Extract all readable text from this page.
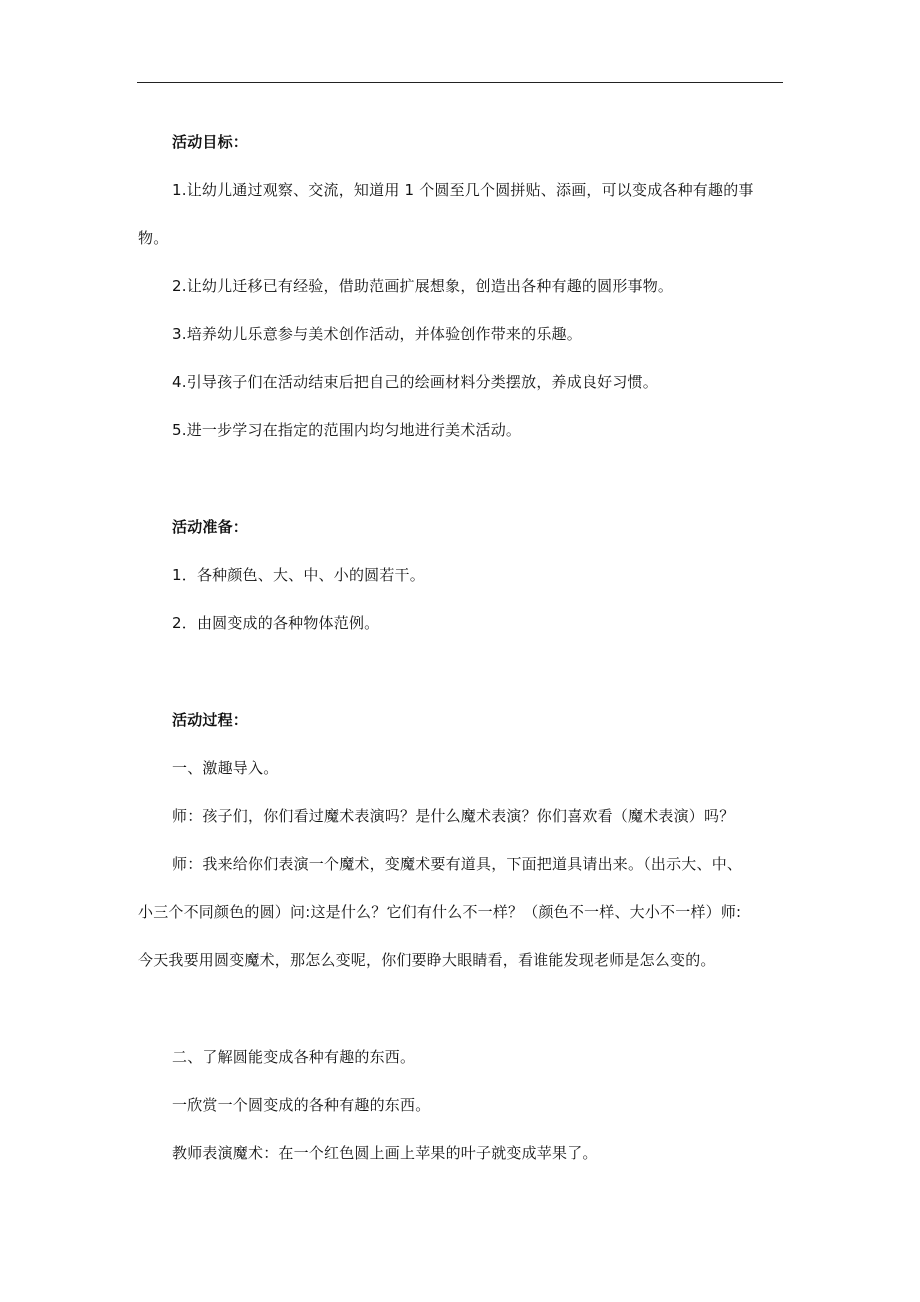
活动目标：
1.让幼儿通过观察、交流，知道用 1 个圆至几个圆拼贴、添画，可以变成各种有趣的事
物。
2.让幼儿迁移已有经验，借助范画扩展想象，创造出各种有趣的圆形事物。
3.培养幼儿乐意参与美术创作活动，并体验创作带来的乐趣。
4.引导孩子们在活动结束后把自己的绘画材料分类摆放，养成良好习惯。
5.进一步学习在指定的范围内均匀地进行美术活动。
活动准备：
1．各种颜色、大、中、小的圆若干。
2．由圆变成的各种物体范例。
活动过程：
一、激趣导入。
师：孩子们，你们看过魔术表演吗？是什么魔术表演？你们喜欢看（魔术表演）吗？
师：我来给你们表演一个魔术，变魔术要有道具，下面把道具请出来。（出示大、中、
小三个不同颜色的圆）问:这是什么？它们有什么不一样？（颜色不一样、大小不一样）师:
今天我要用圆变魔术，那怎么变呢，你们要睁大眼睛看，看谁能发现老师是怎么变的。
二、了解圆能变成各种有趣的东西。
一欣赏一个圆变成的各种有趣的东西。
教师表演魔术：在一个红色圆上画上苹果的叶子就变成苹果了。
